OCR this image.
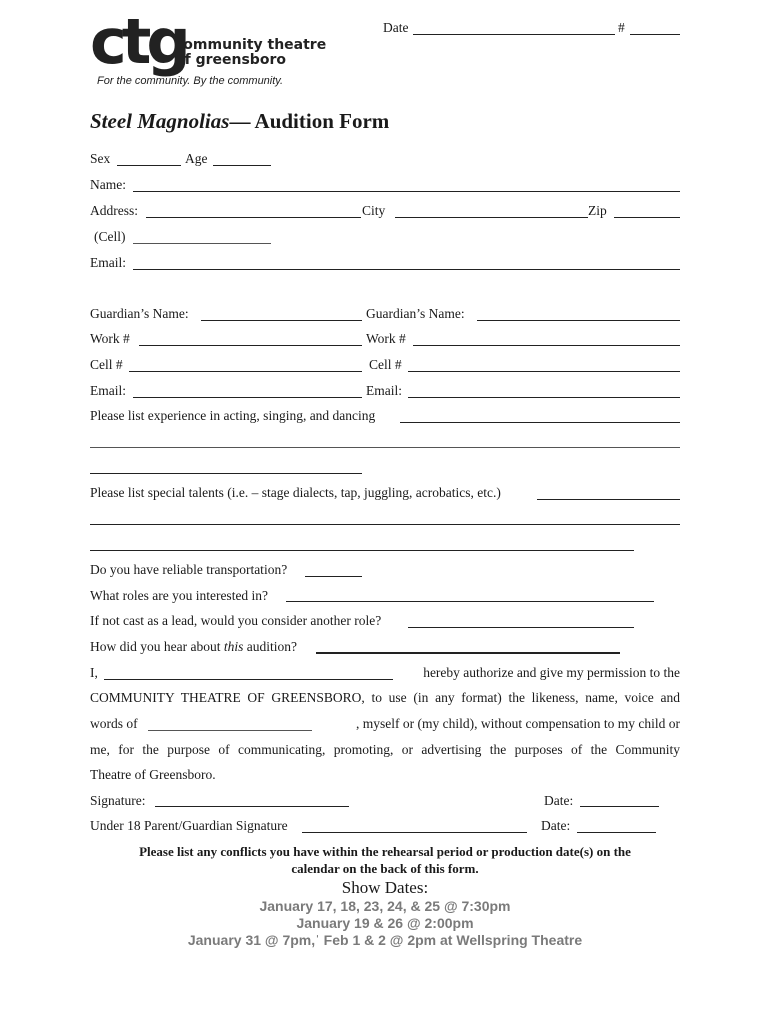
Date	#
ctg
community theatre
of greensboro
For the community. By the community.
Steel Magnolias— Audition Form
Sex	Age
Name:
Address:	City	Zip
(Cell)
Email:
Guardian’s Name:	Guardian’s Name:
Work #	Work #
Cell #	Cell #
Email:	Email:
Please list experience in acting, singing, and dancing
Please list special talents (i.e. – stage dialects, tap, juggling, acrobatics, etc.)
Do you have reliable transportation?
What roles are you interested in?
If not cast as a lead, would you consider another role?
How did you hear about this audition?
I,	hereby authorize and give my permission to the
COMMUNITY THEATRE OF GREENSBORO, to use (in any format) the likeness, name, voice and
words of	, myself or (my child), without compensation to my child or
me, for the purpose of communicating, promoting, or advertising the purposes of the Community
Theatre of Greensboro.
Signature:	Date:
Under 18 Parent/Guardian Signature	Date:
Please list any conflicts you have within the rehearsal period or production date(s) on the
calendar on the back of this form.
Show Dates:
January 17, 18, 23, 24, & 25 @ 7:30pm
January 19 & 26 @ 2:00pm
January 31 @ 7pm,ˈ Feb 1 & 2 @ 2pm at Wellspring Theatre
